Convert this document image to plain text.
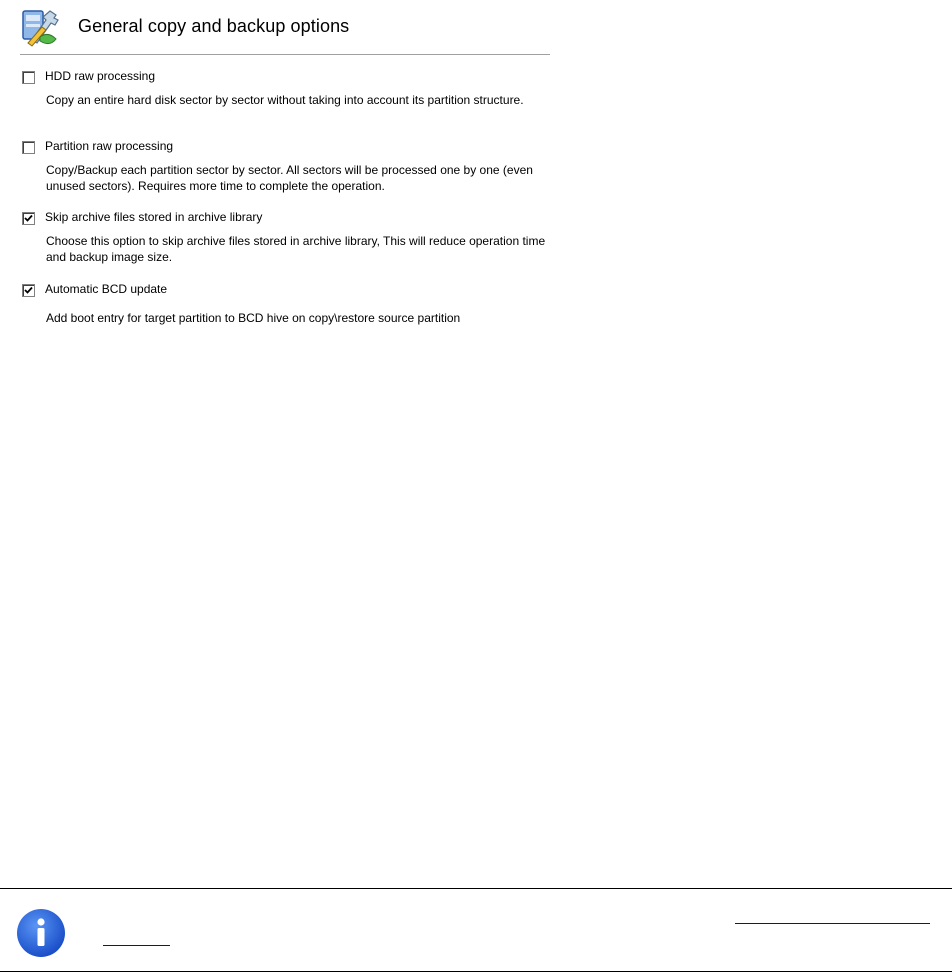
General copy and backup options
HDD raw processing
Copy an entire hard disk sector by sector without taking into account its partition structure.
Partition raw processing
Copy/Backup each partition sector by sector. All sectors will be processed one by one (even unused sectors). Requires more time to complete the operation.
Skip archive files stored in archive library
Choose this option to skip archive files stored in archive library, This will reduce operation time and backup image size.
Automatic BCD update
Add boot entry for target partition to BCD hive on copy\restore source partition
